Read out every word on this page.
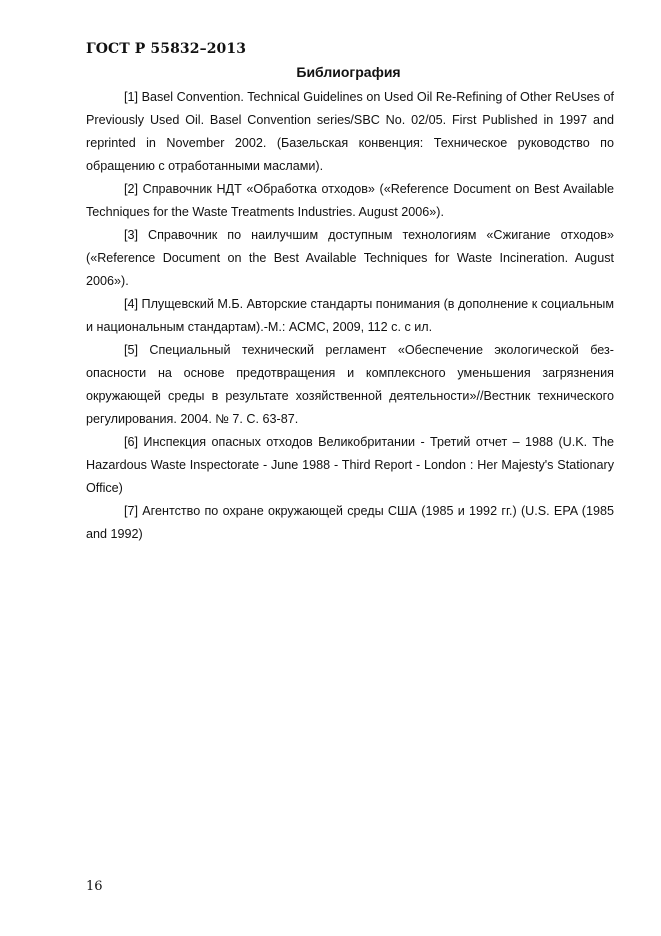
ГОСТ Р 55832–2013
Библиография
[1] Basel Convention. Technical Guidelines on Used Oil Re-Refining of Other ReUses of Previously Used Oil. Basel Convention series/SBC No. 02/05. First Published in 1997 and reprinted in November 2002. (Базельская конвенция: Техническое руководство по обращению с отработанными маслами).
[2] Справочник НДТ «Обработка отходов» («Reference Document on Best Available Techniques for the Waste Treatments Industries. August 2006»).
[3] Справочник по наилучшим доступным технологиям «Сжигание отходов» («Reference Document on the Best Available Techniques for Waste Incineration. August 2006»).
[4] Плущевский М.Б. Авторские стандарты понимания (в дополнение к социальным и национальным стандартам).-М.: АСМС, 2009, 112 с. с ил.
[5] Специальный технический регламент «Обеспечение экологической безопасности на основе предотвращения и комплексного уменьшения загрязнения окружающей среды в результате хозяйственной деятельности»//Вестник технического регулирования. 2004. № 7. С. 63-87.
[6] Инспекция опасных отходов Великобритании - Третий отчет – 1988 (U.K. The Hazardous Waste Inspectorate - June 1988 - Third Report - London : Her Majesty's Stationary Office)
[7] Агентство по охране окружающей среды США (1985 и 1992 гг.) (U.S. EPA (1985 and 1992)
16
